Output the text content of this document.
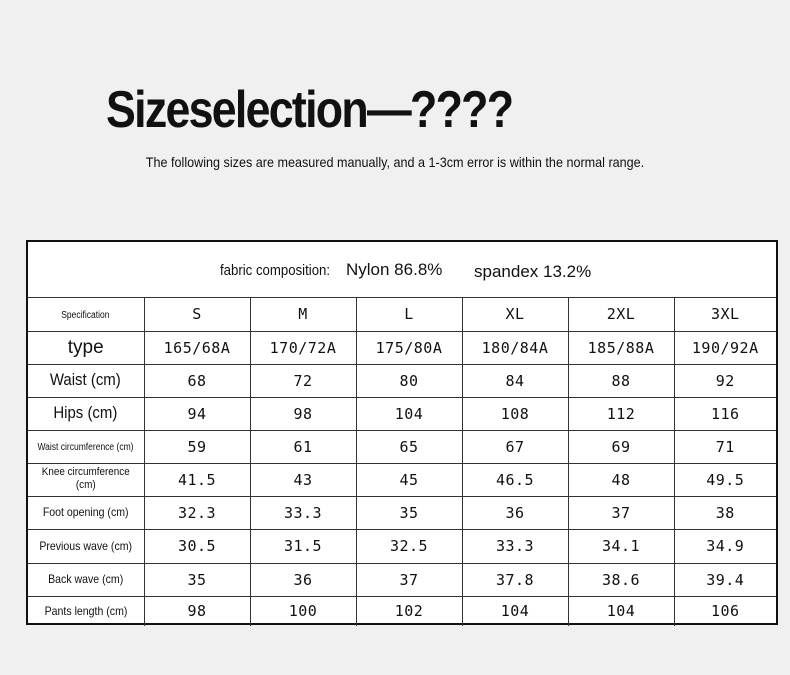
Sizeselection—????
The following sizes are measured manually, and a 1-3cm error is within the normal range.
fabric composition: Nylon 86.8% spandex 13.2%
Specification	S	M	L	XL	2XL	3XL
type	165/68A	170/72A	175/80A	180/84A	185/88A	190/92A
Waist (cm)	68	72	80	84	88	92
Hips (cm)	94	98	104	108	112	116
Waist circumference (cm)	59	61	65	67	69	71
Knee circumference (cm)	41.5	43	45	46.5	48	49.5
Foot opening (cm)	32.3	33.3	35	36	37	38
Previous wave (cm)	30.5	31.5	32.5	33.3	34.1	34.9
Back wave (cm)	35	36	37	37.8	38.6	39.4
Pants length (cm)	98	100	102	104	104	106
